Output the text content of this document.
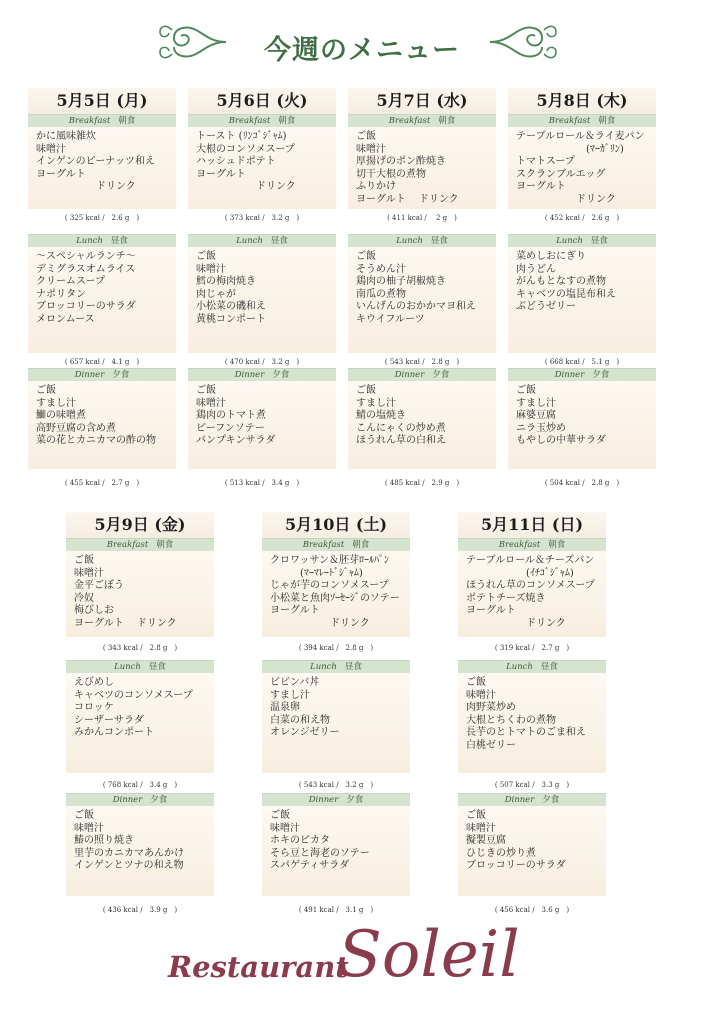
今週のメニュー
5月5日 (月)
Breakfast 朝食
かに風味雑炊
味噌汁
インゲンのピーナッツ和え
ヨーグルト
　　　　　　ドリンク
( 325 kcal /　2.6 g　)
Lunch 昼食
～スペシャルランチ～
デミグラスオムライス
クリームスープ
ナポリタン
ブロッコリーのサラダ
メロンムース
( 657 kcal /　4.1 g　)
Dinner 夕食
ご飯
すまし汁
鰤の味噌煮
高野豆腐の含め煮
菜の花とカニカマの酢の物
( 455 kcal /　2.7 g　)
5月6日 (火)
Breakfast 朝食
トースト (ﾘﾝｺﾞｼﾞｬﾑ)
大根のコンソメスープ
ハッシュドポテト
ヨーグルト
　　　　　　ドリンク
( 373 kcal /　3.2 g　)
Lunch 昼食
ご飯
味噌汁
鱈の梅肉焼き
肉じゃが
小松菜の磯和え
黄桃コンポート
( 470 kcal /　3.2 g　)
Dinner 夕食
ご飯
味噌汁
鶏肉のトマト煮
ピーフンソテー
パンプキンサラダ
( 513 kcal /　3.4 g　)
5月7日 (水)
Breakfast 朝食
ご飯
味噌汁
厚揚げのポン酢焼き
切干大根の煮物
ふりかけ
ヨーグルト　 ドリンク
( 411 kcal /　 2 g　)
Lunch 昼食
ご飯
そうめん汁
鶏肉の柚子胡椒焼き
南瓜の煮物
いんげんのおかかマヨ和え
キウイフルーツ
( 543 kcal /　2.8 g　)
Dinner 夕食
ご飯
すまし汁
鯖の塩焼き
こんにゃくの炒め煮
ほうれん草の白和え
( 485 kcal /　2.9 g　)
5月8日 (木)
Breakfast 朝食
テーブルロール＆ライ麦パン
　　　　　　　(ﾏｰｶﾞﾘﾝ)
トマトスープ
スクランブルエッグ
ヨーグルト
　　　　　　ドリンク
( 452 kcal /　2.6 g　)
Lunch 昼食
菜めしおにぎり
肉うどん
がんもとなすの煮物
キャベツの塩昆布和え
ぶどうゼリー
( 668 kcal /　5.1 g　)
Dinner 夕食
ご飯
すまし汁
麻婆豆腐
ニラ玉炒め
もやしの中華サラダ
( 504 kcal /　2.8 g　)
5月9日 (金)
Breakfast 朝食
ご飯
味噌汁
金平ごぼう
冷奴
梅びしお
ヨーグルト　 ドリンク
( 343 kcal /　2.8 g　)
Lunch 昼食
えびめし
キャベツのコンソメスープ
コロッケ
シーザーサラダ
みかんコンポート
( 768 kcal /　3.4 g　)
Dinner 夕食
ご飯
味噌汁
鰆の照り焼き
里芋のカニカマあんかけ
インゲンとツナの和え物
( 436 kcal /　3.9 g　)
5月10日 (土)
Breakfast 朝食
クロワッサン＆胚芽ﾛｰﾙﾊﾟﾝ
　　　(ﾏｰﾏﾚｰﾄﾞｼﾞｬﾑ)
じゃが芋のコンソメスープ
小松菜と魚肉ｿｰｾｰｼﾞのソテー
ヨーグルト
　　　　　　ドリンク
( 394 kcal /　2.8 g　)
Lunch 昼食
ビビンバ丼
すまし汁
温泉卵
白菜の和え物
オレンジゼリー
( 543 kcal /　3.2 g　)
Dinner 夕食
ご飯
味噌汁
ホキのピカタ
そら豆と海老のソテー
スパゲティサラダ
( 491 kcal /　3.1 g　)
5月11日 (日)
Breakfast 朝食
テーブルロール＆チーズパン
　　　　　　(ｲﾁｺﾞｼﾞｬﾑ)
ほうれん草のコンソメスープ
ポテトチーズ焼き
ヨーグルト
　　　　　　ドリンク
( 319 kcal /　2.7 g　)
Lunch 昼食
ご飯
味噌汁
肉野菜炒め
大根とちくわの煮物
長芋のとトマトのごま和え
白桃ゼリー
( 507 kcal /　3.3 g　)
Dinner 夕食
ご飯
味噌汁
擬製豆腐
ひじきの炒り煮
ブロッコリーのサラダ
( 456 kcal /　3.6 g　)
Restaurant
Soleil
